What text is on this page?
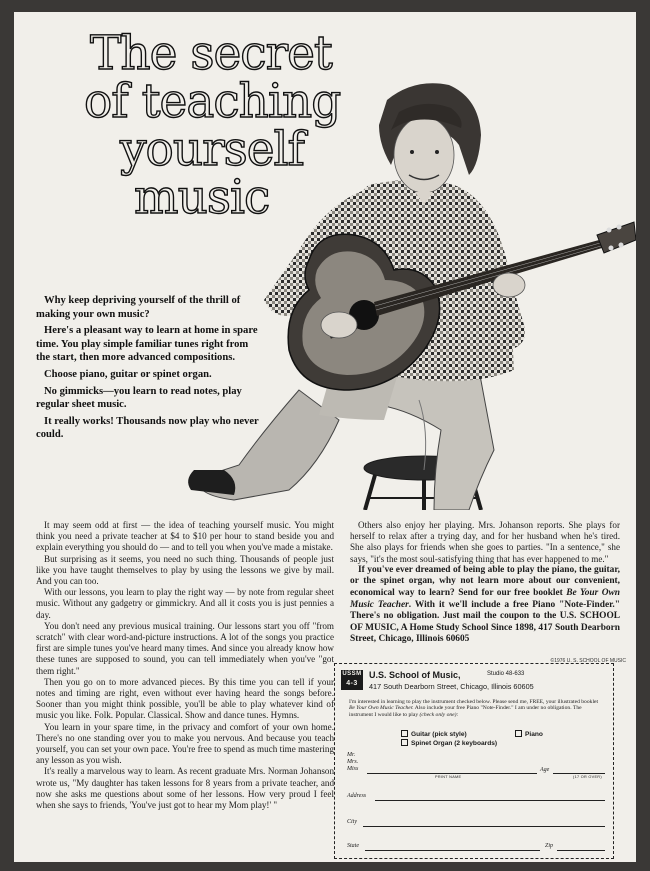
The secret
of teaching
yourself
music

Why keep depriving yourself of the thrill of making your own music?

Here's a pleasant way to learn at home in spare time. You play simple familiar tunes right from the start, then more advanced compositions.

Choose piano, guitar or spinet organ.

No gimmicks—you learn to read notes, play regular sheet music.

It really works! Thousands now play who never could.

It may seem odd at first — the idea of teaching yourself music. You might think you need a private teacher at $4 to $10 per hour to stand beside you and explain everything you should do — and to tell you when you've made a mistake.

But surprising as it seems, you need no such thing. Thousands of people just like you have taught themselves to play by using the lessons we give by mail. And you can too.

With our lessons, you learn to play the right way — by note from regular sheet music. Without any gadgetry or gimmickry. And all it costs you is just pennies a day.

You don't need any previous musical training. Our lessons start you off "from scratch" with clear word-and-picture instructions. A lot of the songs you practice first are simple tunes you've heard many times. And since you already know how these tunes are supposed to sound, you can tell immediately when you've "got them right."

Then you go on to more advanced pieces. By this time you can tell if your notes and timing are right, even without ever having heard the songs before. Sooner than you might think possible, you'll be able to play whatever kind of music you like. Folk. Popular. Classical. Show and dance tunes. Hymns.

You learn in your spare time, in the privacy and comfort of your own home. There's no one standing over you to make you nervous. And because you teach yourself, you can set your own pace. You're free to spend as much time mastering any lesson as you wish.

It's really a marvelous way to learn. As recent graduate Mrs. Norman Johanson wrote us, "My daughter has taken lessons for 8 years from a private teacher, and now she asks me questions about some of her lessons. How very proud I feel when she says to friends, 'You've just got to hear my Mom play!' "

Others also enjoy her playing. Mrs. Johanson reports. She plays for herself to relax after a trying day, and for her husband when he's tired. She also plays for friends when she goes to parties. "In a sentence," she says, "it's the most soul-satisfying thing that has ever happened to me."

If you've ever dreamed of being able to play the piano, the guitar, or the spinet organ, why not learn more about our convenient, economical way to learn? Send for our free booklet Be Your Own Music Teacher. With it we'll include a free Piano "Note-Finder." There's no obligation. Just mail the coupon to the U.S. SCHOOL OF MUSIC, A Home Study School Since 1898, 417 South Dearborn Street, Chicago, Illinois 60605

©1976 U. S. SCHOOL OF MUSIC
USSM
4-3
U.S. School of Music,	Studio 48-633
417 South Dearborn Street, Chicago, Illinois 60605
I'm interested in learning to play the instrument checked below. Please send me, FREE, your illustrated booklet Be Your Own Music Teacher. Also include your free Piano "Note-Finder." I am under no obligation. The instrument I would like to play (check only one):
Guitar (pick style)	Piano
Spinet Organ (2 keyboards)
Mr.
Mrs.
Miss
PRINT NAME
Age
(17 OR OVER)
Address
City
State	Zip
